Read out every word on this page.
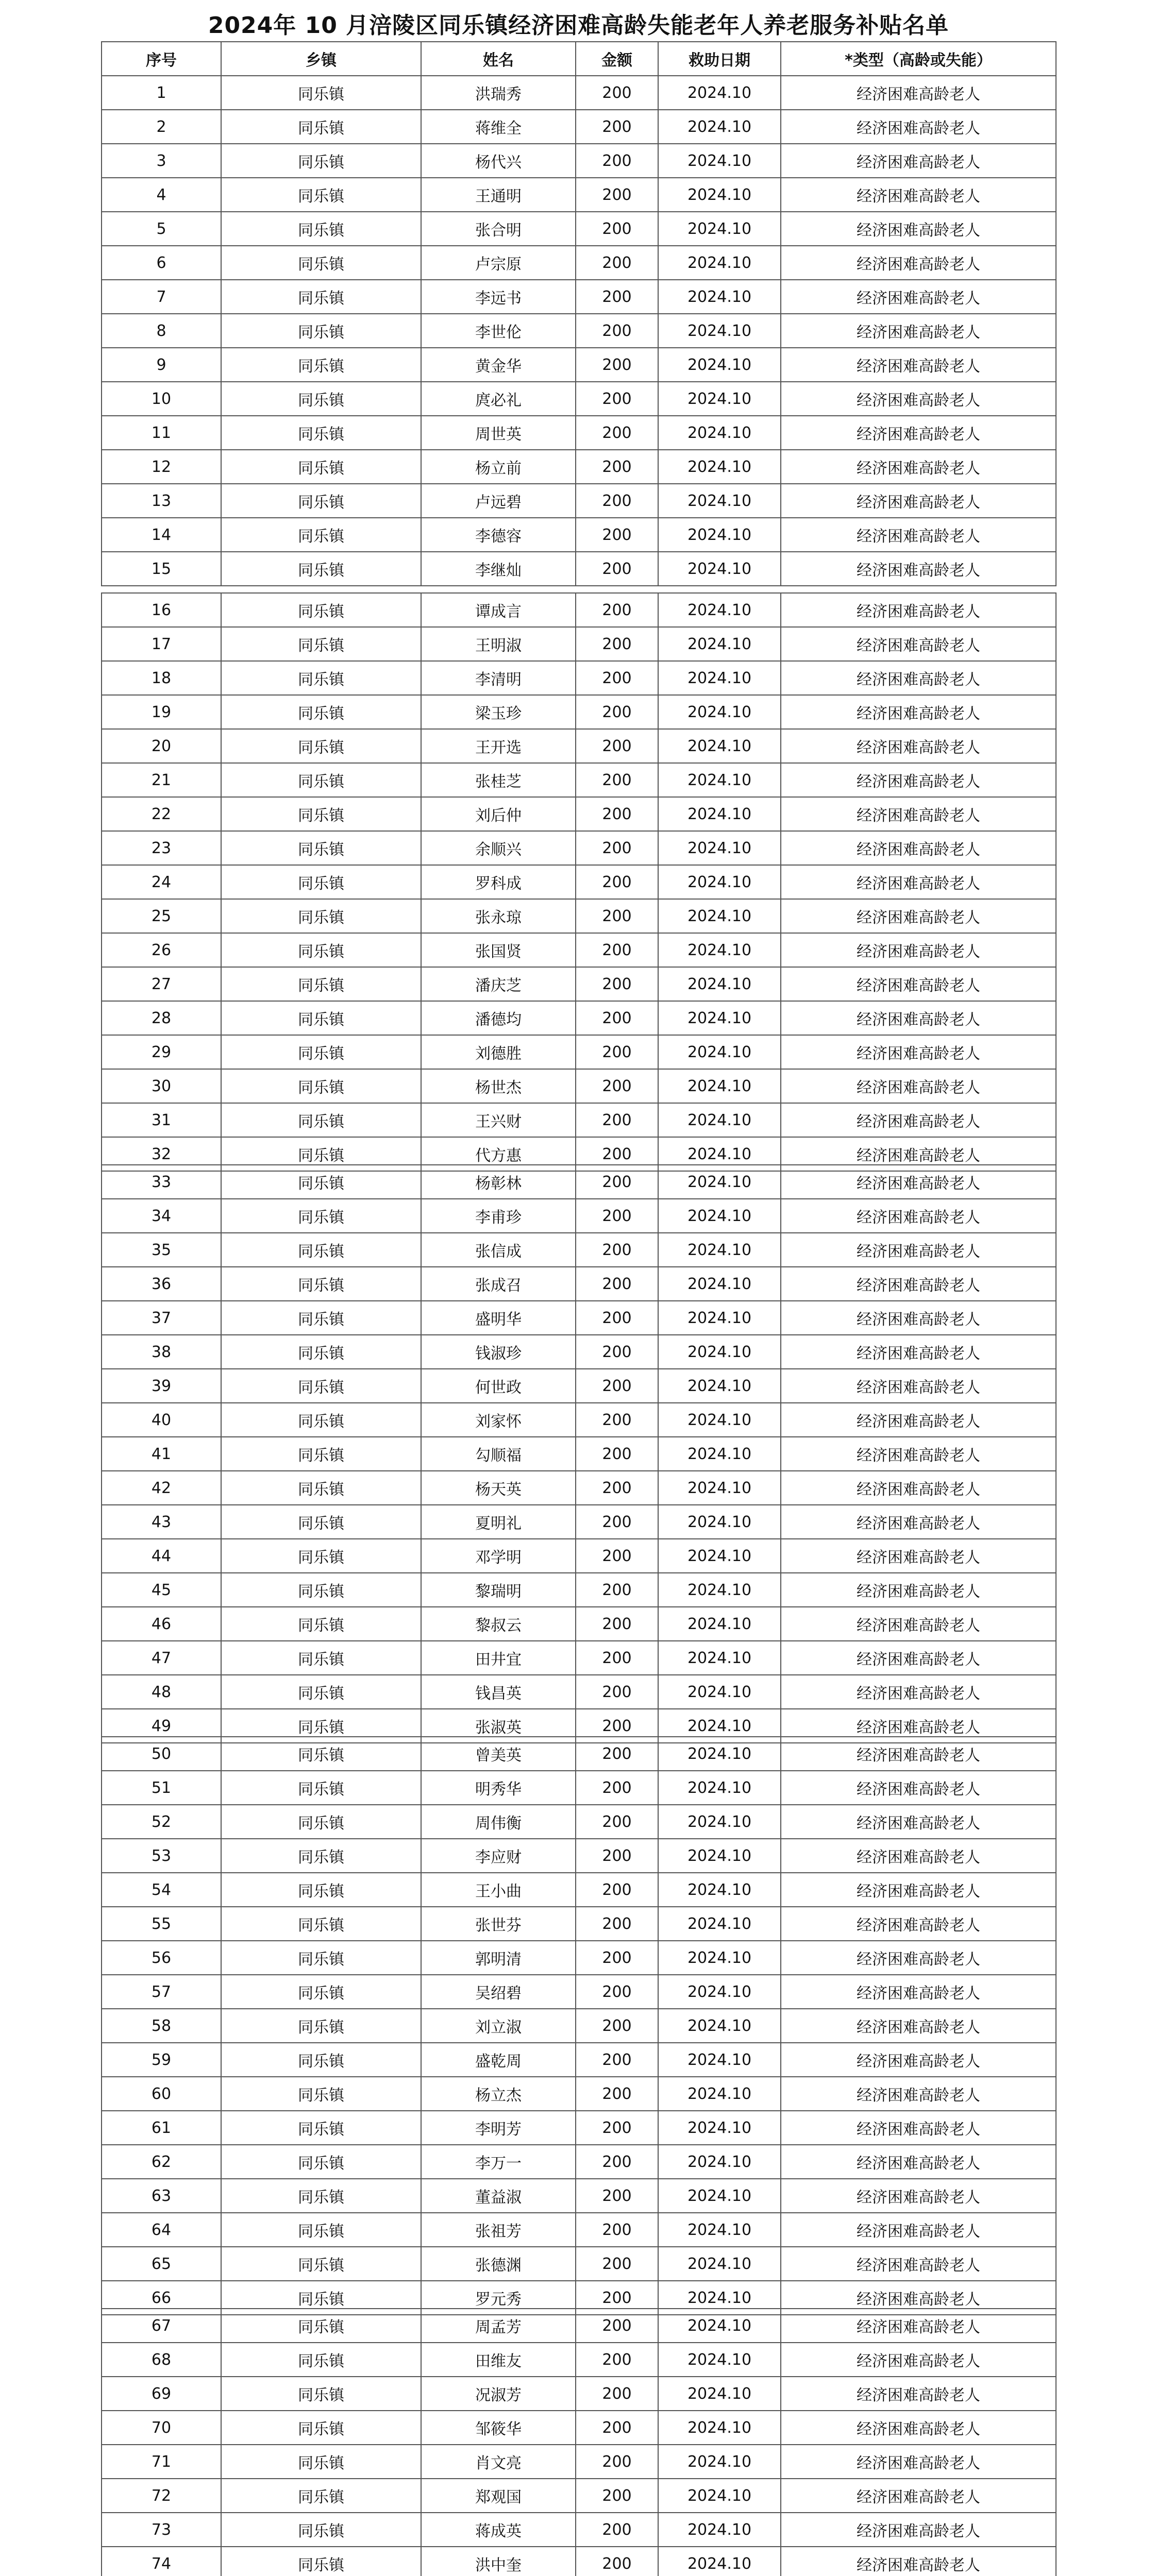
2024年 10 月涪陵区同乐镇经济困难高龄失能老年人养老服务补贴名单
序号	乡镇	姓名	金额	救助日期	*类型（高龄或失能）
1	同乐镇	洪瑞秀	200	2024.10	经济困难高龄老人
2	同乐镇	蒋维全	200	2024.10	经济困难高龄老人
3	同乐镇	杨代兴	200	2024.10	经济困难高龄老人
4	同乐镇	王通明	200	2024.10	经济困难高龄老人
5	同乐镇	张合明	200	2024.10	经济困难高龄老人
6	同乐镇	卢宗原	200	2024.10	经济困难高龄老人
7	同乐镇	李远书	200	2024.10	经济困难高龄老人
8	同乐镇	李世伦	200	2024.10	经济困难高龄老人
9	同乐镇	黄金华	200	2024.10	经济困难高龄老人
10	同乐镇	庹必礼	200	2024.10	经济困难高龄老人
11	同乐镇	周世英	200	2024.10	经济困难高龄老人
12	同乐镇	杨立前	200	2024.10	经济困难高龄老人
13	同乐镇	卢远碧	200	2024.10	经济困难高龄老人
14	同乐镇	李德容	200	2024.10	经济困难高龄老人
15	同乐镇	李继灿	200	2024.10	经济困难高龄老人
16	同乐镇	谭成言	200	2024.10	经济困难高龄老人
17	同乐镇	王明淑	200	2024.10	经济困难高龄老人
18	同乐镇	李清明	200	2024.10	经济困难高龄老人
19	同乐镇	梁玉珍	200	2024.10	经济困难高龄老人
20	同乐镇	王开选	200	2024.10	经济困难高龄老人
21	同乐镇	张桂芝	200	2024.10	经济困难高龄老人
22	同乐镇	刘后仲	200	2024.10	经济困难高龄老人
23	同乐镇	余顺兴	200	2024.10	经济困难高龄老人
24	同乐镇	罗科成	200	2024.10	经济困难高龄老人
25	同乐镇	张永琼	200	2024.10	经济困难高龄老人
26	同乐镇	张国贤	200	2024.10	经济困难高龄老人
27	同乐镇	潘庆芝	200	2024.10	经济困难高龄老人
28	同乐镇	潘德均	200	2024.10	经济困难高龄老人
29	同乐镇	刘德胜	200	2024.10	经济困难高龄老人
30	同乐镇	杨世杰	200	2024.10	经济困难高龄老人
31	同乐镇	王兴财	200	2024.10	经济困难高龄老人
32	同乐镇	代方惠	200	2024.10	经济困难高龄老人
33	同乐镇	杨彰林	200	2024.10	经济困难高龄老人
34	同乐镇	李甫珍	200	2024.10	经济困难高龄老人
35	同乐镇	张信成	200	2024.10	经济困难高龄老人
36	同乐镇	张成召	200	2024.10	经济困难高龄老人
37	同乐镇	盛明华	200	2024.10	经济困难高龄老人
38	同乐镇	钱淑珍	200	2024.10	经济困难高龄老人
39	同乐镇	何世政	200	2024.10	经济困难高龄老人
40	同乐镇	刘家怀	200	2024.10	经济困难高龄老人
41	同乐镇	勾顺福	200	2024.10	经济困难高龄老人
42	同乐镇	杨天英	200	2024.10	经济困难高龄老人
43	同乐镇	夏明礼	200	2024.10	经济困难高龄老人
44	同乐镇	邓学明	200	2024.10	经济困难高龄老人
45	同乐镇	黎瑞明	200	2024.10	经济困难高龄老人
46	同乐镇	黎叔云	200	2024.10	经济困难高龄老人
47	同乐镇	田井宜	200	2024.10	经济困难高龄老人
48	同乐镇	钱昌英	200	2024.10	经济困难高龄老人
49	同乐镇	张淑英	200	2024.10	经济困难高龄老人
50	同乐镇	曾美英	200	2024.10	经济困难高龄老人
51	同乐镇	明秀华	200	2024.10	经济困难高龄老人
52	同乐镇	周伟衡	200	2024.10	经济困难高龄老人
53	同乐镇	李应财	200	2024.10	经济困难高龄老人
54	同乐镇	王小曲	200	2024.10	经济困难高龄老人
55	同乐镇	张世芬	200	2024.10	经济困难高龄老人
56	同乐镇	郭明清	200	2024.10	经济困难高龄老人
57	同乐镇	吴绍碧	200	2024.10	经济困难高龄老人
58	同乐镇	刘立淑	200	2024.10	经济困难高龄老人
59	同乐镇	盛乾周	200	2024.10	经济困难高龄老人
60	同乐镇	杨立杰	200	2024.10	经济困难高龄老人
61	同乐镇	李明芳	200	2024.10	经济困难高龄老人
62	同乐镇	李万一	200	2024.10	经济困难高龄老人
63	同乐镇	董益淑	200	2024.10	经济困难高龄老人
64	同乐镇	张祖芳	200	2024.10	经济困难高龄老人
65	同乐镇	张德渊	200	2024.10	经济困难高龄老人
66	同乐镇	罗元秀	200	2024.10	经济困难高龄老人
67	同乐镇	周孟芳	200	2024.10	经济困难高龄老人
68	同乐镇	田维友	200	2024.10	经济困难高龄老人
69	同乐镇	况淑芳	200	2024.10	经济困难高龄老人
70	同乐镇	邹筱华	200	2024.10	经济困难高龄老人
71	同乐镇	肖文亮	200	2024.10	经济困难高龄老人
72	同乐镇	郑观国	200	2024.10	经济困难高龄老人
73	同乐镇	蒋成英	200	2024.10	经济困难高龄老人
74	同乐镇	洪中奎	200	2024.10	经济困难高龄老人
